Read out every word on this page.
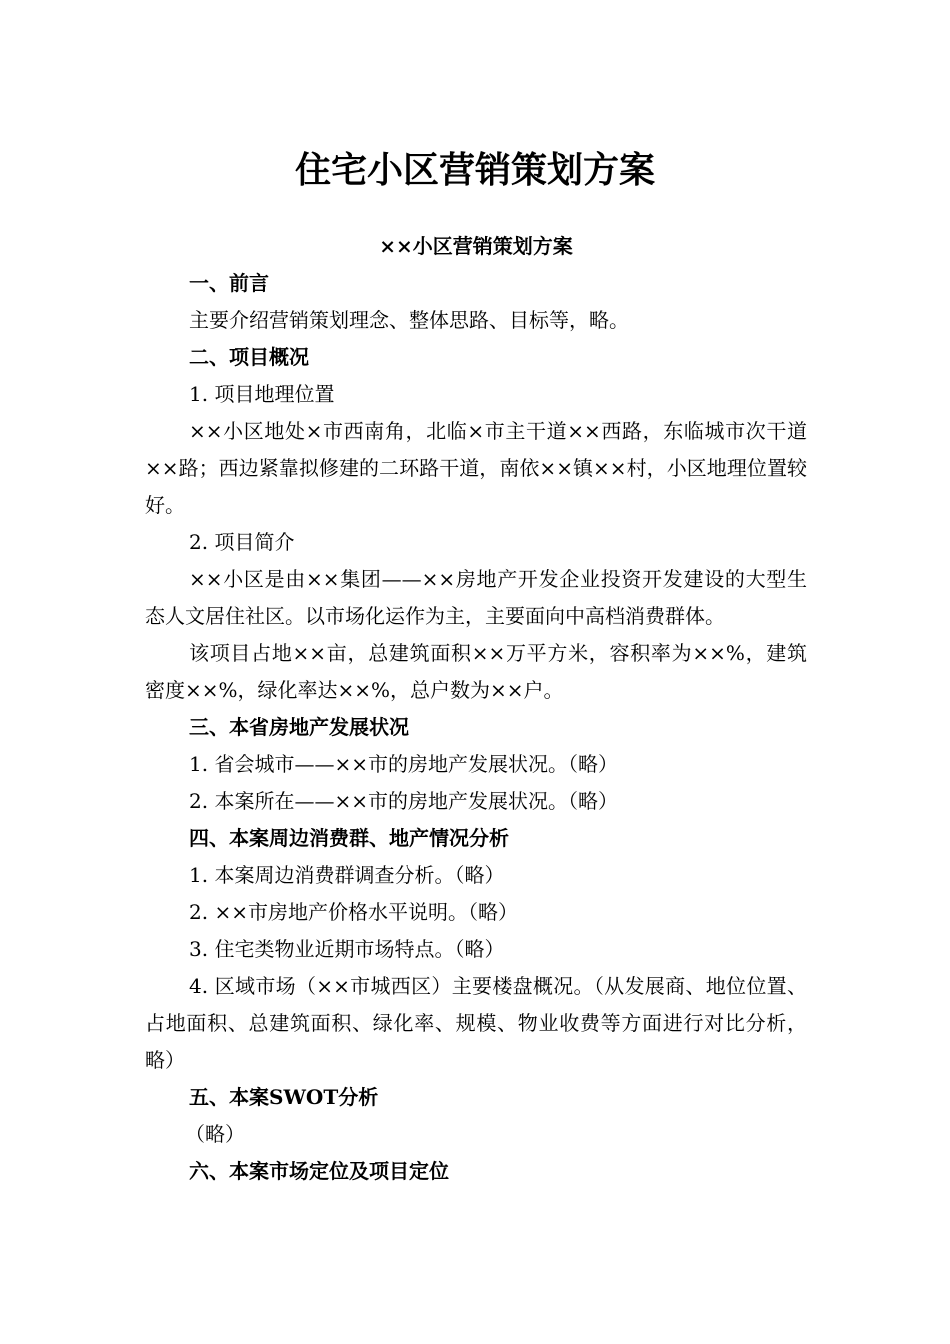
住宅小区营销策划方案

××小区营销策划方案

一、前言

主要介绍营销策划理念、整体思路、目标等，略。

二、项目概况

1. 项目地理位置

××小区地处×市西南角，北临×市主干道××西路，东临城市次干道××路；西边紧靠拟修建的二环路干道，南依××镇××村，小区地理位置较好。

2. 项目简介

××小区是由××集团——××房地产开发企业投资开发建设的大型生态人文居住社区。以市场化运作为主，主要面向中高档消费群体。

该项目占地××亩，总建筑面积××万平方米，容积率为××%，建筑密度××%，绿化率达××%，总户数为××户。

三、本省房地产发展状况

1. 省会城市——××市的房地产发展状况。（略）

2. 本案所在——××市的房地产发展状况。（略）

四、本案周边消费群、地产情况分析

1. 本案周边消费群调查分析。（略）

2. ××市房地产价格水平说明。（略）

3. 住宅类物业近期市场特点。（略）

4. 区域市场（××市城西区）主要楼盘概况。（从发展商、地位位置、占地面积、总建筑面积、绿化率、规模、物业收费等方面进行对比分析，略）

五、本案SWOT分析

（略）

六、本案市场定位及项目定位
